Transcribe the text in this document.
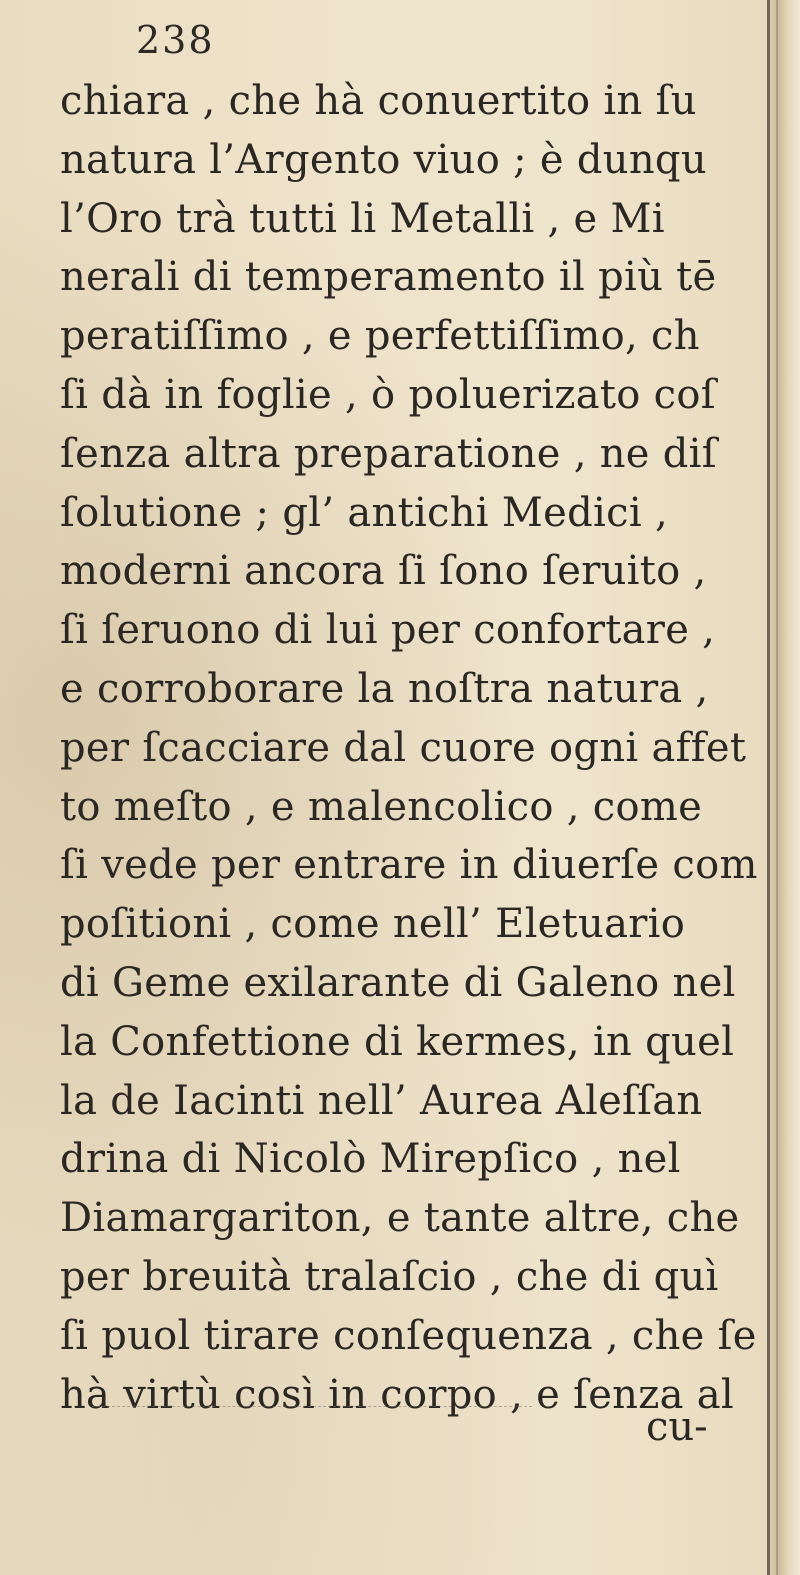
238
chiara , che hà conuertito in ſu
natura l’Argento viuo ; è dunqu
l’Oro trà tutti li Metalli , e Mi
nerali di temperamento il più tē
peratiſſimo , e perfettiſſimo, ch
ſi dà in foglie , ò poluerizato coſ
ſenza altra preparatione , ne diſ
ſolutione ; gl’ antichi Medici ,
moderni ancora ſi ſono ſeruito ,
ſi ſeruono di lui per confortare ,
e corroborare la noſtra natura ,
per ſcacciare dal cuore ogni affet
to meſto , e malencolico , come
ſi vede per entrare in diuerſe com
poſitioni , come nell’ Eletuario
di Geme exilarante di Galeno nel
la Confettione di kermes, in quel
la de Iacinti nell’ Aurea Aleſſan
drina di Nicolò Mirepſico , nel
Diamargariton, e tante altre, che
per breuità tralaſcio , che di quì
ſi puol tirare conſequenza , che ſe
hà virtù così in corpo , e ſenza al
cu-
